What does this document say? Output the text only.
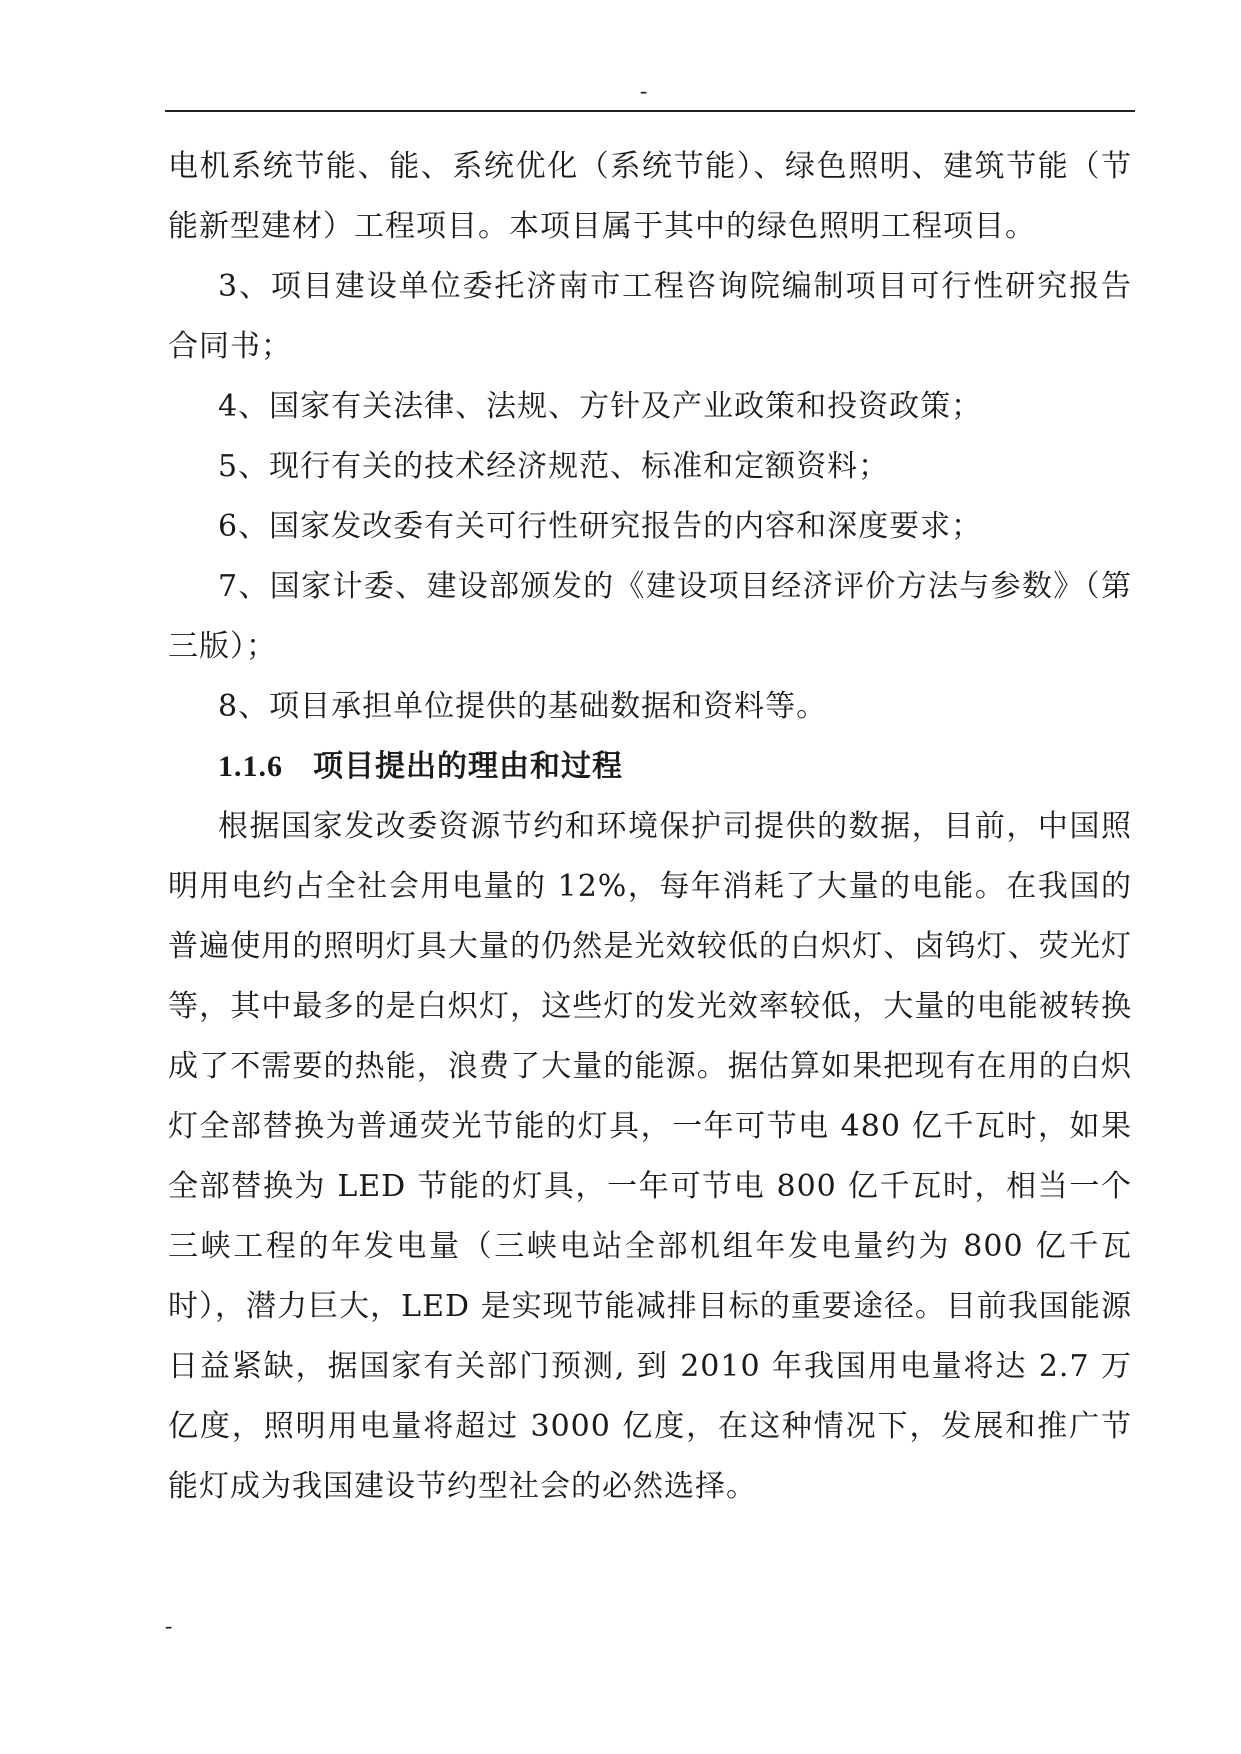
-

电机系统节能、能、系统优化（系统节能）、绿色照明、建筑节能（节能新型建材）工程项目。本项目属于其中的绿色照明工程项目。

3、项目建设单位委托济南市工程咨询院编制项目可行性研究报告合同书；

4、国家有关法律、法规、方针及产业政策和投资政策；

5、现行有关的技术经济规范、标准和定额资料；

6、国家发改委有关可行性研究报告的内容和深度要求；

7、国家计委、建设部颁发的《建设项目经济评价方法与参数》（第三版）；

8、项目承担单位提供的基础数据和资料等。

1.1.6 项目提出的理由和过程

根据国家发改委资源节约和环境保护司提供的数据，目前，中国照明用电约占全社会用电量的 12%，每年消耗了大量的电能。在我国的普遍使用的照明灯具大量的仍然是光效较低的白炽灯、卤钨灯、荧光灯等，其中最多的是白炽灯，这些灯的发光效率较低，大量的电能被转换成了不需要的热能，浪费了大量的能源。据估算如果把现有在用的白炽灯全部替换为普通荧光节能的灯具，一年可节电 480 亿千瓦时，如果全部替换为 LED 节能的灯具，一年可节电 800 亿千瓦时，相当一个三峡工程的年发电量（三峡电站全部机组年发电量约为 800 亿千瓦时），潜力巨大，LED 是实现节能减排目标的重要途径。目前我国能源日益紧缺，据国家有关部门预测, 到 2010 年我国用电量将达 2.7 万亿度，照明用电量将超过 3000 亿度，在这种情况下，发展和推广节能灯成为我国建设节约型社会的必然选择。

-
